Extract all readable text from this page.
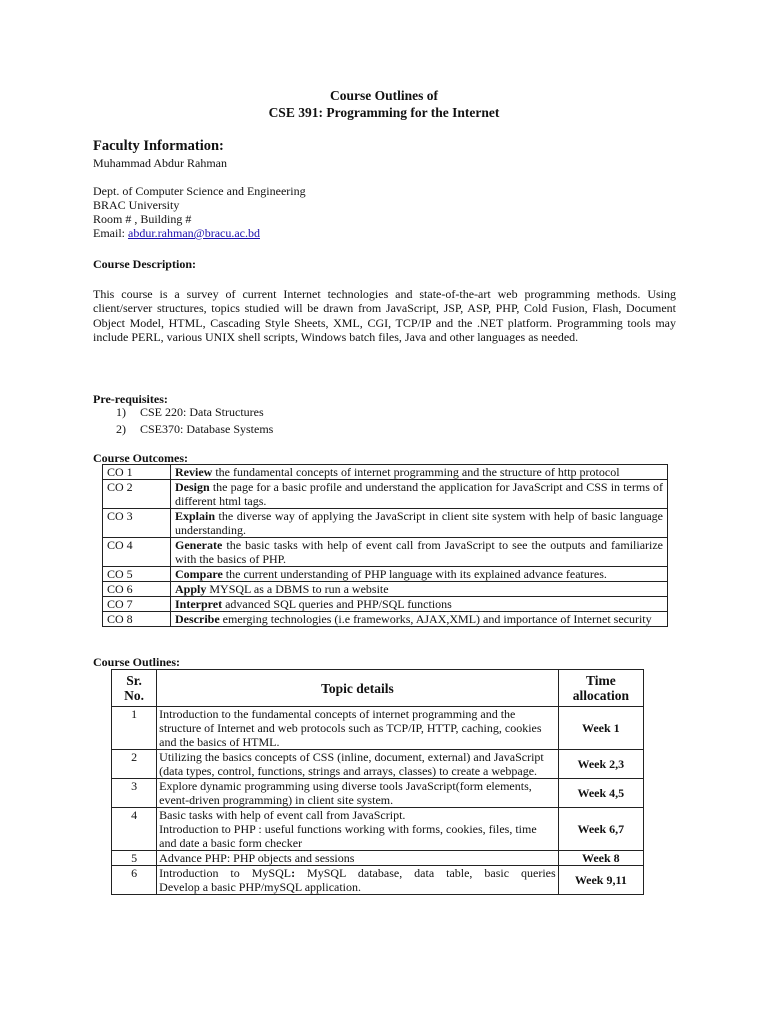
Course Outlines of
CSE 391: Programming for the Internet
Faculty Information:
Muhammad Abdur Rahman
Dept. of Computer Science and Engineering
BRAC University
Room # , Building #
Email: abdur.rahman@bracu.ac.bd
Course Description:
This course is a survey of current Internet technologies and state-of-the-art web programming methods. Using client/server structures, topics studied will be drawn from JavaScript, JSP, ASP, PHP, Cold Fusion, Flash, Document Object Model, HTML, Cascading Style Sheets, XML, CGI, TCP/IP and the .NET platform. Programming tools may include PERL, various UNIX shell scripts, Windows batch files, Java and other languages as needed.
Pre-requisites:
1) CSE 220: Data Structures
2) CSE370: Database Systems
Course Outcomes:
CO 1	Review the fundamental concepts of internet programming and the structure of http protocol
CO 2	Design the page for a basic profile and understand the application for JavaScript and CSS in terms of different html tags.
CO 3	Explain the diverse way of applying the JavaScript in client site system with help of basic language understanding.
CO 4	Generate the basic tasks with help of event call from JavaScript to see the outputs and familiarize with the basics of PHP.
CO 5	Compare the current understanding of PHP language with its explained advance features.
CO 6	Apply MYSQL as a DBMS to run a website
CO 7	Interpret advanced SQL queries and PHP/SQL functions
CO 8	Describe emerging technologies (i.e frameworks, AJAX,XML) and importance of Internet security
Course Outlines:
Sr. No.	Topic details	Time allocation
1	Introduction to the fundamental concepts of internet programming and the structure of Internet and web protocols such as TCP/IP, HTTP, caching, cookies and the basics of HTML.	Week 1
2	Utilizing the basics concepts of CSS (inline, document, external) and JavaScript (data types, control, functions, strings and arrays, classes) to create a webpage.	Week 2,3
3	Explore dynamic programming using diverse tools JavaScript(form elements, event-driven programming) in client site system.	Week 4,5
4	Basic tasks with help of event call from JavaScript.
Introduction to PHP : useful functions working with forms, cookies, files, time and date a basic form checker	Week 6,7
5	Advance PHP: PHP objects and sessions	Week 8
6	Introduction to MySQL: MySQL database, data table, basic queries
Develop a basic PHP/mySQL application.	Week 9,11
